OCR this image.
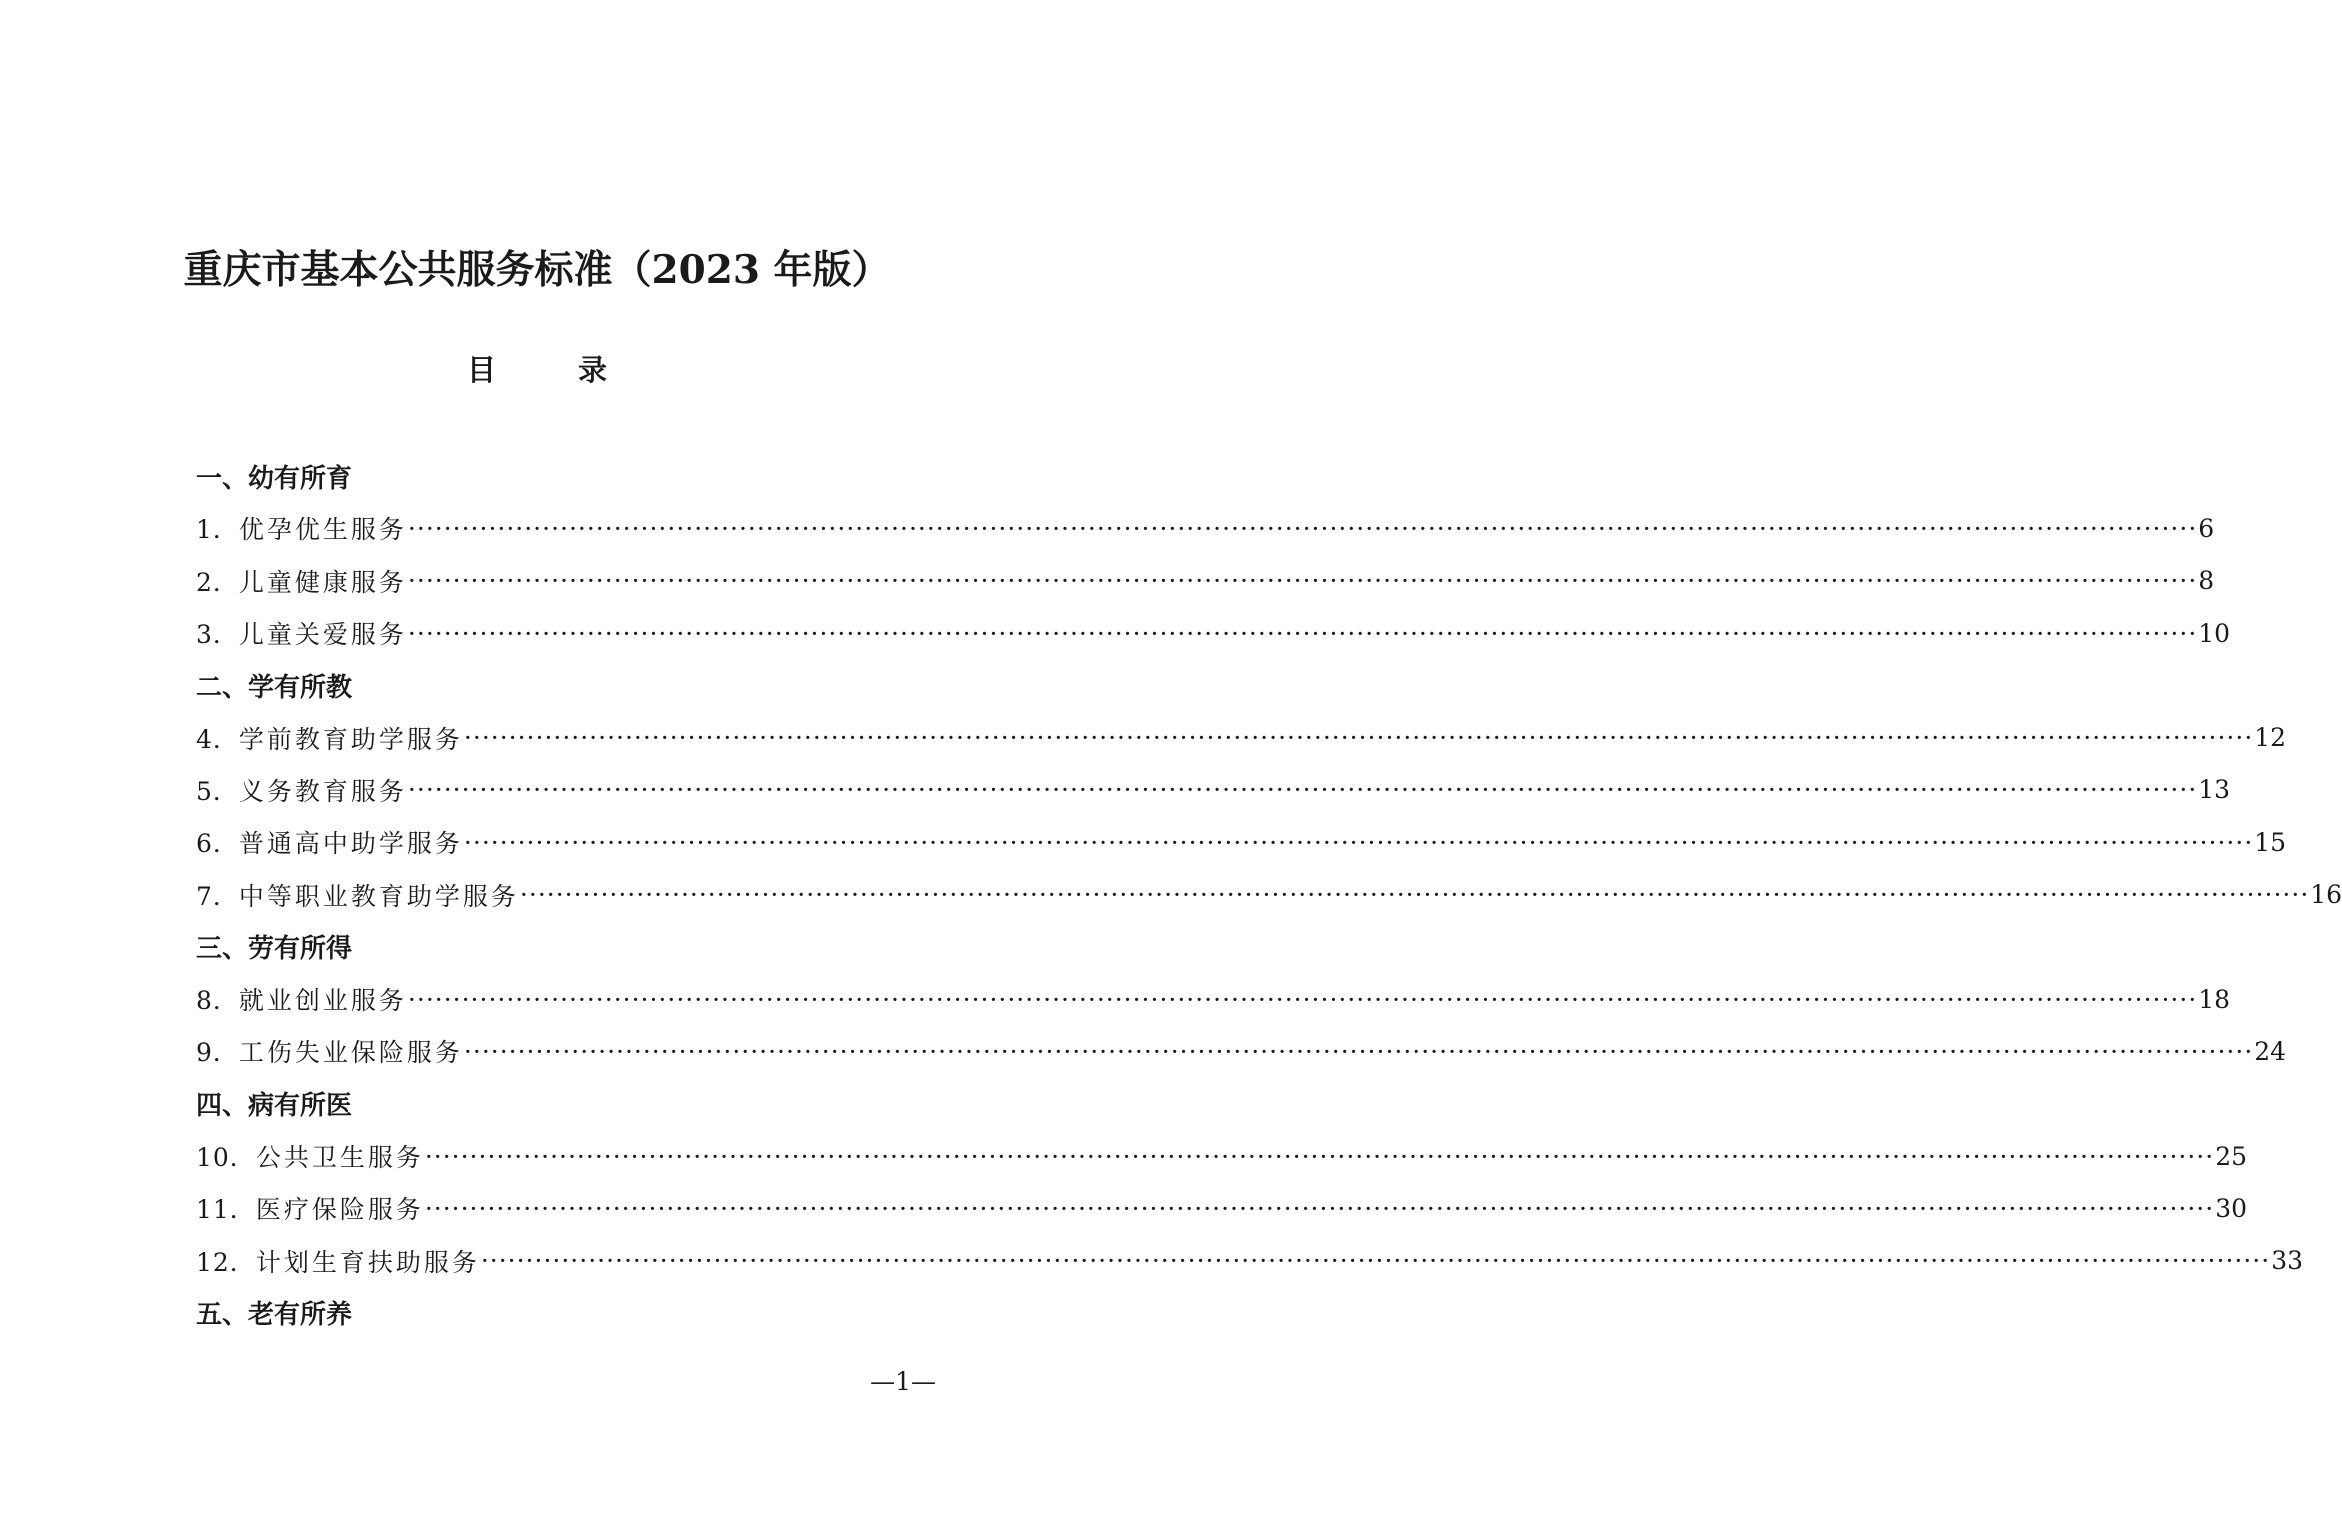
重庆市基本公共服务标准（2023 年版）
目 录
一、幼有所育
1． 优孕优生服务 ········································································································································································································ 6
2． 儿童健康服务 ········································································································································································································ 8
3． 儿童关爱服务 ········································································································································································································ 10
二、学有所教
4． 学前教育助学服务 ········································································································································································································ 12
5． 义务教育服务 ········································································································································································································ 13
6． 普通高中助学服务 ········································································································································································································ 15
7． 中等职业教育助学服务 ········································································································································································································ 16
三、劳有所得
8． 就业创业服务 ········································································································································································································ 18
9． 工伤失业保险服务 ········································································································································································································ 24
四、病有所医
10． 公共卫生服务 ········································································································································································································ 25
11． 医疗保险服务 ········································································································································································································ 30
12． 计划生育扶助服务 ········································································································································································································ 33
五、老有所养
—1—
